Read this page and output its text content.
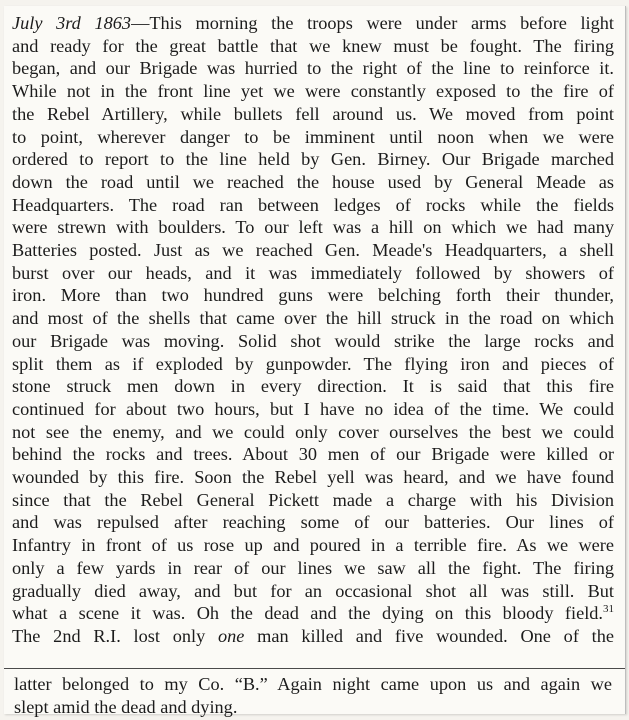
July 3rd 1863—This morning the troops were under arms before light
and ready for the great battle that we knew must be fought. The firing
began, and our Brigade was hurried to the right of the line to reinforce it.
While not in the front line yet we were constantly exposed to the fire of
the Rebel Artillery, while bullets fell around us. We moved from point
to point, wherever danger to be imminent until noon when we were
ordered to report to the line held by Gen. Birney. Our Brigade marched
down the road until we reached the house used by General Meade as
Headquarters. The road ran between ledges of rocks while the fields
were strewn with boulders. To our left was a hill on which we had many
Batteries posted. Just as we reached Gen. Meade's Headquarters, a shell
burst over our heads, and it was immediately followed by showers of
iron. More than two hundred guns were belching forth their thunder,
and most of the shells that came over the hill struck in the road on which
our Brigade was moving. Solid shot would strike the large rocks and
split them as if exploded by gunpowder. The flying iron and pieces of
stone struck men down in every direction. It is said that this fire
continued for about two hours, but I have no idea of the time. We could
not see the enemy, and we could only cover ourselves the best we could
behind the rocks and trees. About 30 men of our Brigade were killed or
wounded by this fire. Soon the Rebel yell was heard, and we have found
since that the Rebel General Pickett made a charge with his Division
and was repulsed after reaching some of our batteries. Our lines of
Infantry in front of us rose up and poured in a terrible fire. As we were
only a few yards in rear of our lines we saw all the fight. The firing
gradually died away, and but for an occasional shot all was still. But
what a scene it was. Oh the dead and the dying on this bloody field.$^{31}$
The 2nd R.I. lost only one man killed and five wounded. One of the

latter belonged to my Co. “B.” Again night came upon us and again we
slept amid the dead and dying.
